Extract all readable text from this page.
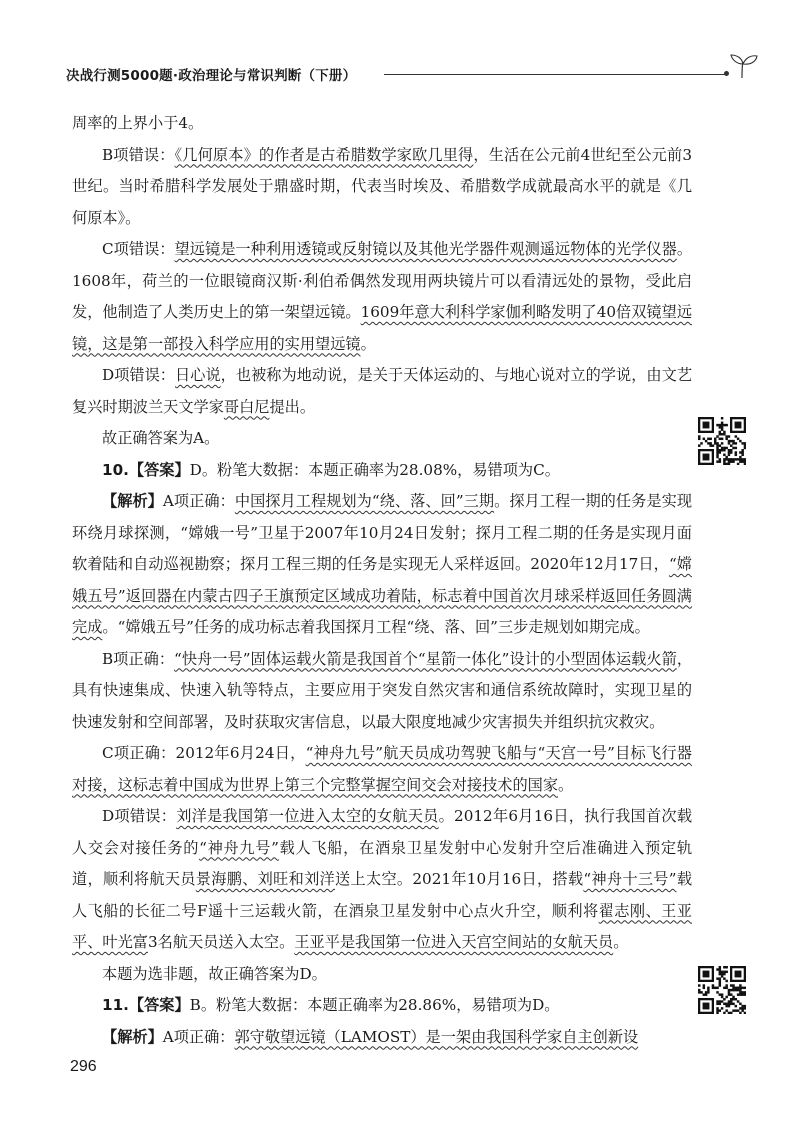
决战行测5000题·政治理论与常识判断（下册）

周率的上界小于4。

B项错误：《几何原本》的作者是古希腊数学家欧几里得，生活在公元前4世纪至公元前3世纪。当时希腊科学发展处于鼎盛时期，代表当时埃及、希腊数学成就最高水平的就是《几何原本》。

C项错误：望远镜是一种利用透镜或反射镜以及其他光学器件观测遥远物体的光学仪器。1608年，荷兰的一位眼镜商汉斯·利伯希偶然发现用两块镜片可以看清远处的景物，受此启发，他制造了人类历史上的第一架望远镜。1609年意大利科学家伽利略发明了40倍双镜望远镜，这是第一部投入科学应用的实用望远镜。

D项错误：日心说，也被称为地动说，是关于天体运动的、与地心说对立的学说，由文艺复兴时期波兰天文学家哥白尼提出。

故正确答案为A。

10.【答案】D。粉笔大数据：本题正确率为28.08%，易错项为C。

【解析】A项正确：中国探月工程规划为“绕、落、回”三期。探月工程一期的任务是实现环绕月球探测，“嫦娥一号”卫星于2007年10月24日发射；探月工程二期的任务是实现月面软着陆和自动巡视勘察；探月工程三期的任务是实现无人采样返回。2020年12月17日，“嫦娥五号”返回器在内蒙古四子王旗预定区域成功着陆，标志着中国首次月球采样返回任务圆满完成。“嫦娥五号”任务的成功标志着我国探月工程“绕、落、回”三步走规划如期完成。

B项正确：“快舟一号”固体运载火箭是我国首个“星箭一体化”设计的小型固体运载火箭，具有快速集成、快速入轨等特点，主要应用于突发自然灾害和通信系统故障时，实现卫星的快速发射和空间部署，及时获取灾害信息，以最大限度地减少灾害损失并组织抗灾救灾。

C项正确：2012年6月24日，“神舟九号”航天员成功驾驶飞船与“天宫一号”目标飞行器对接，这标志着中国成为世界上第三个完整掌握空间交会对接技术的国家。

D项错误：刘洋是我国第一位进入太空的女航天员。2012年6月16日，执行我国首次载人交会对接任务的“神舟九号”载人飞船，在酒泉卫星发射中心发射升空后准确进入预定轨道，顺利将航天员景海鹏、刘旺和刘洋送上太空。2021年10月16日，搭载“神舟十三号”载人飞船的长征二号F遥十三运载火箭，在酒泉卫星发射中心点火升空，顺利将翟志刚、王亚平、叶光富3名航天员送入太空。王亚平是我国第一位进入天宫空间站的女航天员。

本题为选非题，故正确答案为D。

11.【答案】B。粉笔大数据：本题正确率为28.86%，易错项为D。

【解析】A项正确：郭守敬望远镜（LAMOST）是一架由我国科学家自主创新设

296
